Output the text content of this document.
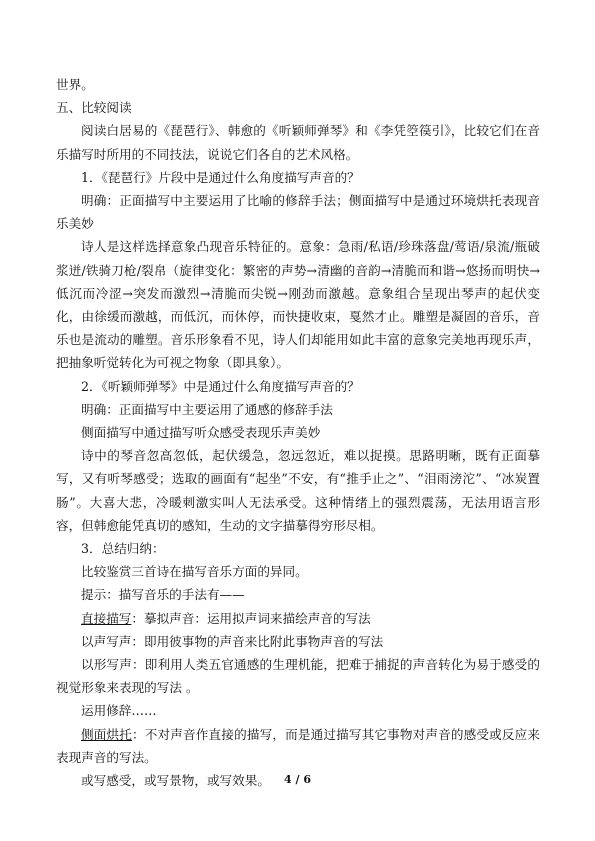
世界。

五、比较阅读

阅读白居易的《琵琶行》、韩愈的《听颖师弹琴》和《李凭箜篌引》，比较它们在音乐描写时所用的不同技法，说说它们各自的艺术风格。

1．《琵琶行》片段中是通过什么角度描写声音的？

明确：正面描写中主要运用了比喻的修辞手法；侧面描写中是通过环境烘托表现音乐美妙

诗人是这样选择意象凸现音乐特征的。意象：急雨/私语/珍珠落盘/莺语/泉流/瓶破浆迸/铁骑刀枪/裂帛（旋律变化：繁密的声势→清幽的音韵→清脆而和谐→悠扬而明快→低沉而冷涩→突发而激烈→清脆而尖锐→刚劲而激越。意象组合呈现出琴声的起伏变化，由徐缓而激越，而低沉，而休停，而快捷收束，戛然才止。雕塑是凝固的音乐，音乐也是流动的雕塑。音乐形象看不见，诗人们却能用如此丰富的意象完美地再现乐声，把抽象听觉转化为可视之物象（即具象）。

2．《听颖师弹琴》中是通过什么角度描写声音的？

明确：正面描写中主要运用了通感的修辞手法

侧面描写中通过描写听众感受表现乐声美妙

诗中的琴音忽高忽低，起伏缓急，忽远忽近，难以捉摸。思路明晰，既有正面摹写，又有听琴感受；选取的画面有“起坐”不安，有“推手止之”、“泪雨滂沱”、“冰炭置肠”。大喜大悲，冷暖刺激实叫人无法承受。这种情绪上的强烈震荡，无法用语言形容，但韩愈能凭真切的感知，生动的文字描摹得穷形尽相。

3．总结归纳：

比较鉴赏三首诗在描写音乐方面的异同。

提示：描写音乐的手法有——

直接描写：摹拟声音：运用拟声词来描绘声音的写法

以声写声：即用彼事物的声音来比附此事物声音的写法

以形写声：即利用人类五官通感的生理机能，把难于捕捉的声音转化为易于感受的视觉形象来表现的写法 。

运用修辞……

侧面烘托：不对声音作直接的描写，而是通过描写其它事物对声音的感受或反应来表现声音的写法。

或写感受，或写景物，或写效果。	4 / 6
